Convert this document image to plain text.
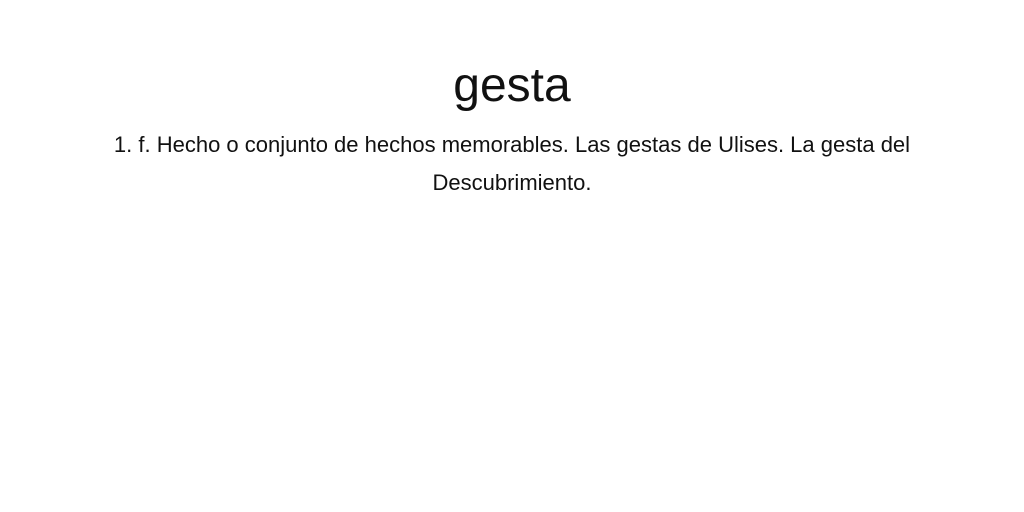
gesta

1. f. Hecho o conjunto de hechos memorables. Las gestas de Ulises. La gesta del Descubrimiento.
